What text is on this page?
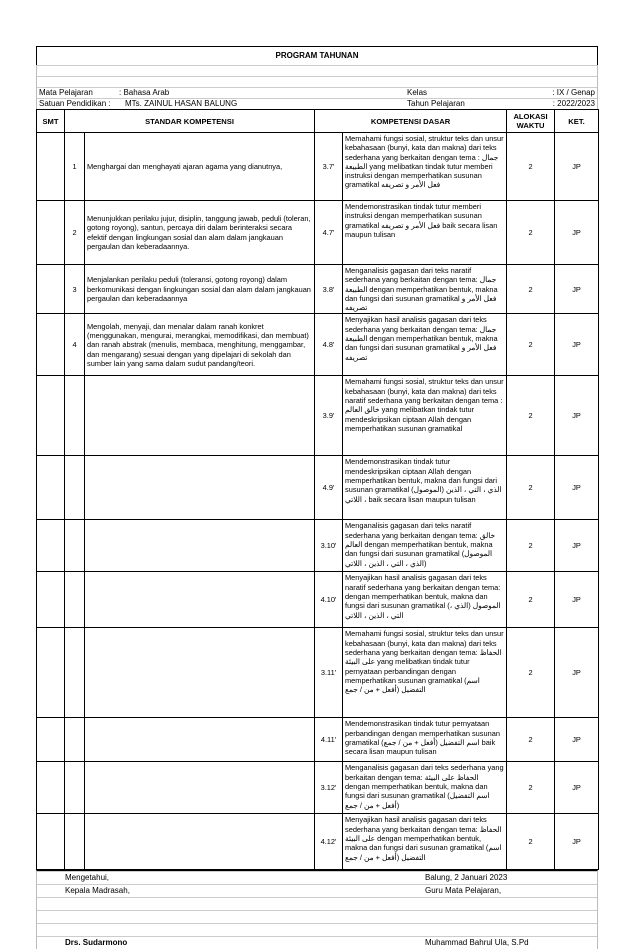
PROGRAM TAHUNAN
Mata Pelajaran	: Bahasa Arab	Kelas	: IX / Genap
Satuan Pendidikan :	MTs. ZAINUL HASAN BALUNG	Tahun Pelajaran	: 2022/2023
SMT	STANDAR KOMPETENSI		KOMPETENSI DASAR		ALOKASI WAKTU	KET.
	1	Menghargai dan menghayati ajaran agama yang dianutnya,	3.7'	Memahami fungsi sosial, struktur teks dan unsur kebahasaan (bunyi, kata dan makna) dari teks sederhana yang berkaitan dengan tema : جمال الطبيعة yang melibatkan tindak tutur memberi instruksi dengan memperhatikan susunan gramatikal فعل الأمر و تصريفه	2	JP
	2	Menunjukkan perilaku jujur, disiplin, tanggung jawab, peduli (toleran, gotong royong), santun, percaya diri dalam berinteraksi secara efektif dengan lingkungan sosial dan alam dalam jangkauan pergaulan dan keberadaannya.	4.7'	Mendemonstrasikan tindak tutur memberi instruksi dengan memperhatikan susunan gramatikal فعل الأمر و تصريفه baik secara lisan maupun tulisan	2	JP
	3	Menjalankan perilaku peduli (toleransi, gotong royong) dalam berkomunikasi dengan lingkungan sosial dan alam dalam jangkauan pergaulan dan keberadaannya	3.8'	Menganalisis gagasan dari teks naratif sederhana yang berkaitan dengan tema: جمال الطبيعة dengan memperhatikan bentuk, makna dan fungsi dari susunan gramatikal فعل الأمر و تصريفه	2	JP
	4	Mengolah, menyaji, dan menalar dalam ranah konkret (menggunakan, mengurai, merangkai, memodifikasi, dan membuat) dan ranah abstrak (menulis, membaca, menghitung, menggambar, dan mengarang) sesuai dengan yang dipelajari di sekolah dan sumber lain yang sama dalam sudut pandang/teori.	4.8'	Menyajikan hasil analisis gagasan dari teks sederhana yang berkaitan dengan tema: جمال الطبيعة dengan memperhatikan bentuk, makna dan fungsi dari susunan gramatikal فعل الأمر و تصريفه	2	JP
			3.9'	Memahami fungsi sosial, struktur teks dan unsur kebahasaan (bunyi, kata dan makna) dari teks naratif sederhana yang berkaitan dengan tema : خالق العالم yang melibatkan tindak tutur mendeskripsikan ciptaan Allah dengan memperhatikan susunan gramatikal	2	JP
			4.9'	Mendemonstrasikan tindak tutur mendeskripsikan ciptaan Allah dengan memperhatikan bentuk, makna dan fungsi dari susunan gramatikal (الموصول) الذي ، التي ، الذين ، اللاتي baik secara lisan maupun tulisan	2	JP
			3.10'	Menganalisis gagasan dari teks naratif sederhana yang berkaitan dengan tema: خالق العالم dengan memperhatikan bentuk, makna dan fungsi dari susunan gramatikal (الموصول (الذي ، التي ، الذين ، اللاتي	2	JP
			4.10'	Menyajikan hasil analisis gagasan dari teks naratif sederhana yang berkaitan dengan tema: dengan memperhatikan bentuk, makna dan fungsi dari susunan gramatikal (الموصول (الذي ، التي ، الذين ، اللاتي	2	JP
			3.11'	Memahami fungsi sosial, struktur teks dan unsur kebahasaan (bunyi, kata dan makna) dari teks sederhana yang berkaitan dengan tema: الحفاظ على البيئة yang melibatkan tindak tutur pernyataan perbandingan dengan memperhatikan susunan gramatikal (اسم التفضيل (أفعل + من / جمع	2	JP
			4.11'	Mendemonstrasikan tindak tutur pernyataan perbandingan dengan memperhatikan susunan gramatikal اسم التفضيل (أفعل + من / جمع) baik secara lisan maupun tulisan	2	JP
			3.12'	Menganalisis gagasan dari teks sederhana yang berkaitan dengan tema: الحفاظ على البيئة dengan memperhatikan bentuk, makna dan fungsi dari susunan gramatikal (اسم التفضيل (أفعل + من / جمع	2	JP
			4.12'	Menyajikan hasil analisis gagasan dari teks sederhana yang berkaitan dengan tema: الحفاظ على البيئة dengan memperhatikan bentuk, makna dan fungsi dari susunan gramatikal (اسم التفضيل (أفعل + من / جمع	2	JP
Mengetahui,	Balung, 2 Januari 2023
Kepala Madrasah,	Guru Mata Pelajaran,
Drs. Sudarmono	Muhammad Bahrul Ula, S.Pd
